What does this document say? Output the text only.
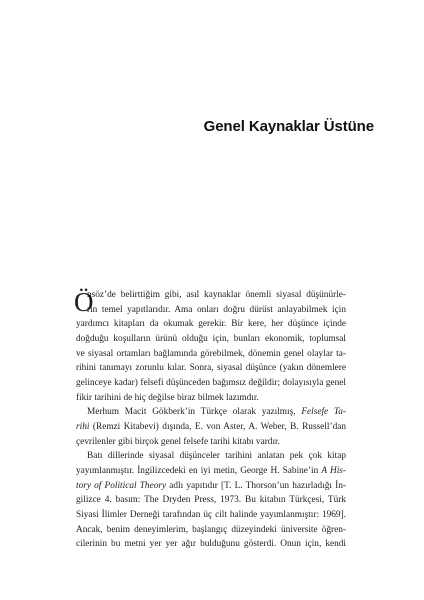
Genel Kaynaklar Üstüne
Ö
nsöz’de belirttiğim gibi, asıl kaynaklar önemli siyasal düşünürle-
rin temel yapıtlarıdır. Ama onları doğru dürüst anlayabilmek için
yardımcı kitapları da okumak gerekir. Bir kere, her düşünce içinde
doğduğu koşulların ürünü olduğu için, bunları ekonomik, toplumsal
ve siyasal ortamları bağlamında görebilmek, dönemin genel olaylar ta-
rihini tanımayı zorunlu kılar. Sonra, siyasal düşünce (yakın dönemlere
gelinceye kadar) felsefi düşünceden bağımsız değildir; dolayısıyla genel
fikir tarihini de hiç değilse biraz bilmek lazımdır.
Merhum Macit Gökberk’in Türkçe olarak yazılmış, Felsefe Ta-
rihi (Remzi Kitabevi) dışında, E. von Aster, A. Weber, B. Russell’dan
çevrilenler gibi birçok genel felsefe tarihi kitabı vardır.
Batı dillerinde siyasal düşünceler tarihini anlatan pek çok kitap
yayımlanmıştır. İngilizcedeki en iyi metin, George H. Sabine’in A His-
tory of Political Theory adlı yapıtıdır [T. L. Thorson’un hazırladığı İn-
gilizce 4. basım: The Dryden Press, 1973. Bu kitabın Türkçesi, Türk
Siyasi İlimler Derneği tarafından üç cilt halinde yayımlanmıştır: 1969].
Ancak, benim deneyimlerim, başlangıç düzeyindeki üniversite öğren-
cilerinin bu metni yer yer ağır bulduğunu gösterdi. Onun için, kendi
